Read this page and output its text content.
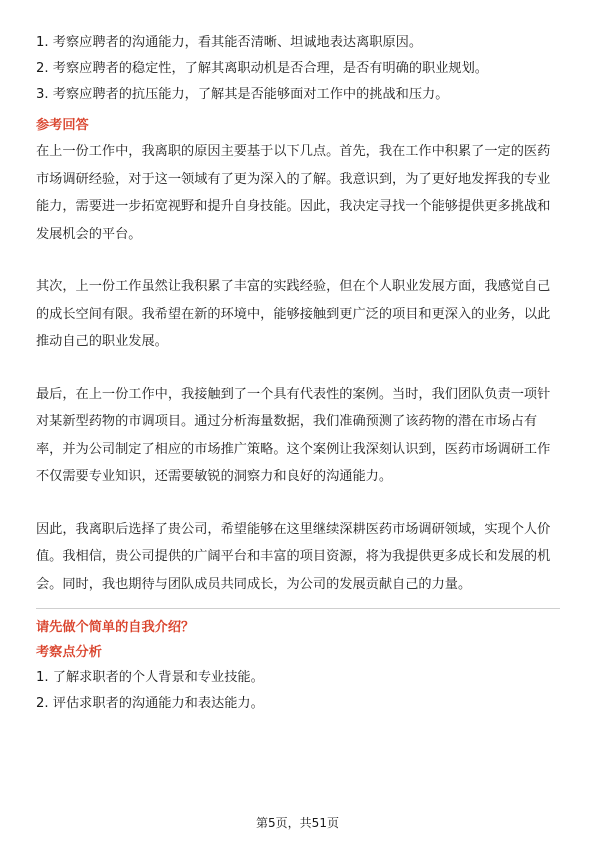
1. 考察应聘者的沟通能力，看其能否清晰、坦诚地表达离职原因。
2. 考察应聘者的稳定性，了解其离职动机是否合理，是否有明确的职业规划。
3. 考察应聘者的抗压能力，了解其是否能够面对工作中的挑战和压力。
参考回答

在上一份工作中，我离职的原因主要基于以下几点。首先，我在工作中积累了一定的医药市场调研经验，对于这一领域有了更为深入的了解。我意识到，为了更好地发挥我的专业能力，需要进一步拓宽视野和提升自身技能。因此，我决定寻找一个能够提供更多挑战和发展机会的平台。

其次，上一份工作虽然让我积累了丰富的实践经验，但在个人职业发展方面，我感觉自己的成长空间有限。我希望在新的环境中，能够接触到更广泛的项目和更深入的业务，以此推动自己的职业发展。

最后，在上一份工作中，我接触到了一个具有代表性的案例。当时，我们团队负责一项针对某新型药物的市调项目。通过分析海量数据，我们准确预测了该药物的潜在市场占有率，并为公司制定了相应的市场推广策略。这个案例让我深刻认识到，医药市场调研工作不仅需要专业知识，还需要敏锐的洞察力和良好的沟通能力。

因此，我离职后选择了贵公司，希望能够在这里继续深耕医药市场调研领域，实现个人价值。我相信，贵公司提供的广阔平台和丰富的项目资源，将为我提供更多成长和发展的机会。同时，我也期待与团队成员共同成长，为公司的发展贡献自己的力量。

请先做个简单的自我介绍？
考察点分析
1. 了解求职者的个人背景和专业技能。
2. 评估求职者的沟通能力和表达能力。
第5页，共51页
